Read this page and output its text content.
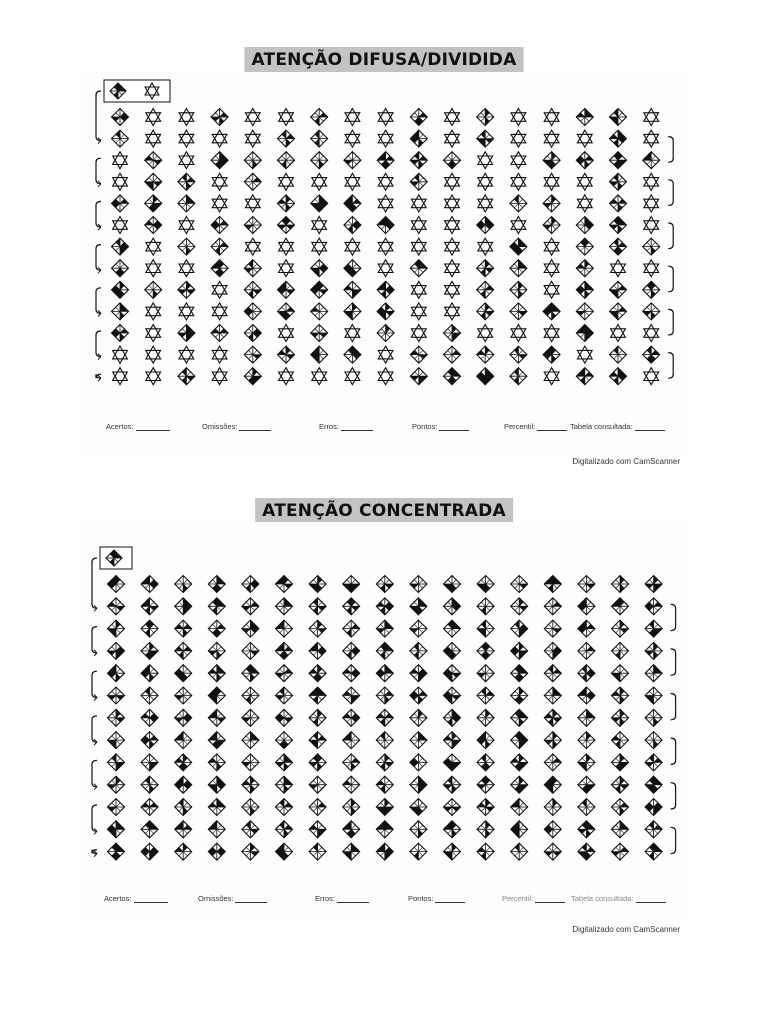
ATENÇÃO DIFUSA/DIVIDIDA
Acertos:	Omissões:	Erros:	Pontos:	Percentil:	Tabela consultada:
Digitalizado com CamScanner
ATENÇÃO CONCENTRADA
Acertos:	Omissões:	Erros:	Pontos:	Percentil:	Tabela consultada:
Digitalizado com CamScanner
